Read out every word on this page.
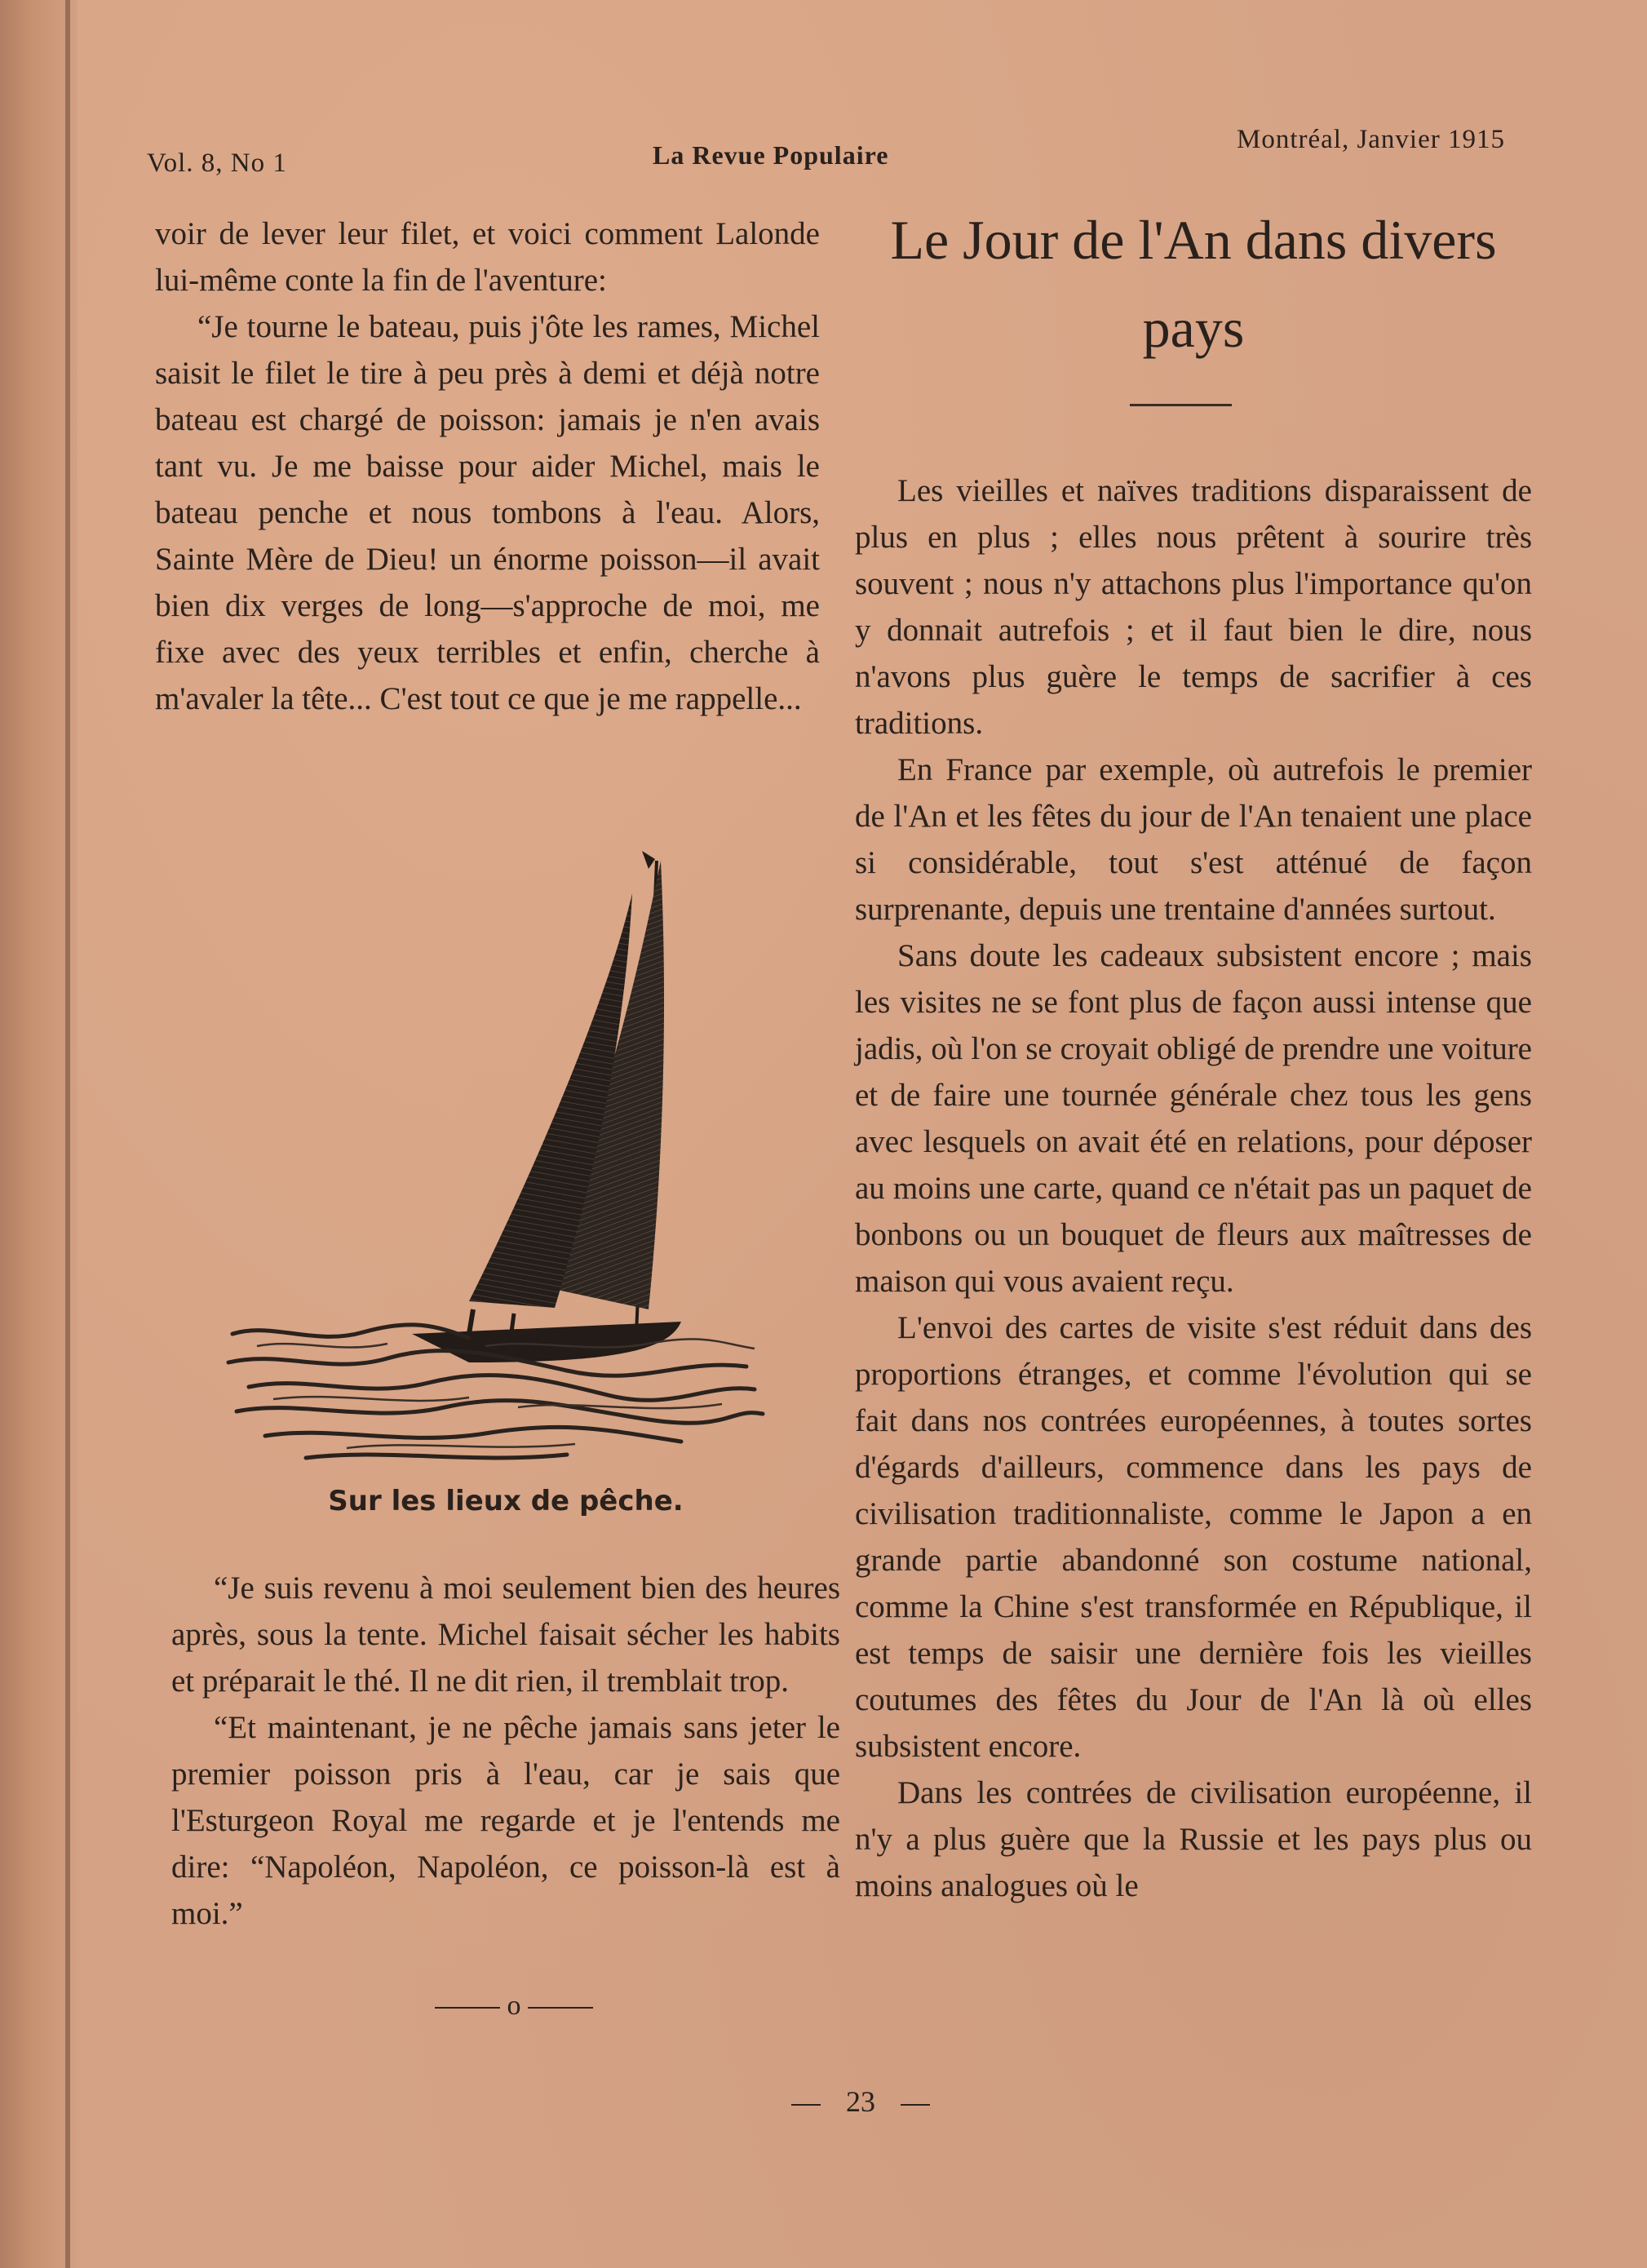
Vol. 8, No 1	La Revue Populaire
Montréal, Janvier 1915

voir de lever leur filet, et voici comment Lalonde lui-même conte la fin de l'aventure:

“Je tourne le bateau, puis j'ôte les rames, Michel saisit le filet le tire à peu près à demi et déjà notre bateau est chargé de poisson: jamais je n'en avais tant vu. Je me baisse pour aider Michel, mais le bateau penche et nous tombons à l'eau. Alors, Sainte Mère de Dieu! un énorme poisson—il avait bien dix verges de long—s'approche de moi, me fixe avec des yeux terribles et enfin, cherche à m'avaler la tête... C'est tout ce que je me rappelle...

Sur les lieux de pêche.

“Je suis revenu à moi seulement bien des heures après, sous la tente. Michel faisait sécher les habits et préparait le thé. Il ne dit rien, il tremblait trop.

“Et maintenant, je ne pêche jamais sans jeter le premier poisson pris à l'eau, car je sais que l'Esturgeon Royal me regarde et je l'entends me dire: “Napoléon, Napoléon, ce poisson-là est à moi.”

o
Le Jour de l'An dans divers pays

Les vieilles et naïves traditions disparaissent de plus en plus ; elles nous prêtent à sourire très souvent ; nous n'y attachons plus l'importance qu'on y donnait autrefois ; et il faut bien le dire, nous n'avons plus guère le temps de sacrifier à ces traditions.

En France par exemple, où autrefois le premier de l'An et les fêtes du jour de l'An tenaient une place si considérable, tout s'est atténué de façon surprenante, depuis une trentaine d'années surtout.

Sans doute les cadeaux subsistent encore ; mais les visites ne se font plus de façon aussi intense que jadis, où l'on se croyait obligé de prendre une voiture et de faire une tournée générale chez tous les gens avec lesquels on avait été en relations, pour déposer au moins une carte, quand ce n'était pas un paquet de bonbons ou un bouquet de fleurs aux maîtresses de maison qui vous avaient reçu.

L'envoi des cartes de visite s'est réduit dans des proportions étranges, et comme l'évolution qui se fait dans nos contrées européennes, à toutes sortes d'égards d'ailleurs, commence dans les pays de civilisation traditionnaliste, comme le Japon a en grande partie abandonné son costume national, comme la Chine s'est transformée en République, il est temps de saisir une dernière fois les vieilles coutumes des fêtes du Jour de l'An là où elles subsistent encore.

Dans les contrées de civilisation européenne, il n'y a plus guère que la Russie et les pays plus ou moins analogues où le

23
